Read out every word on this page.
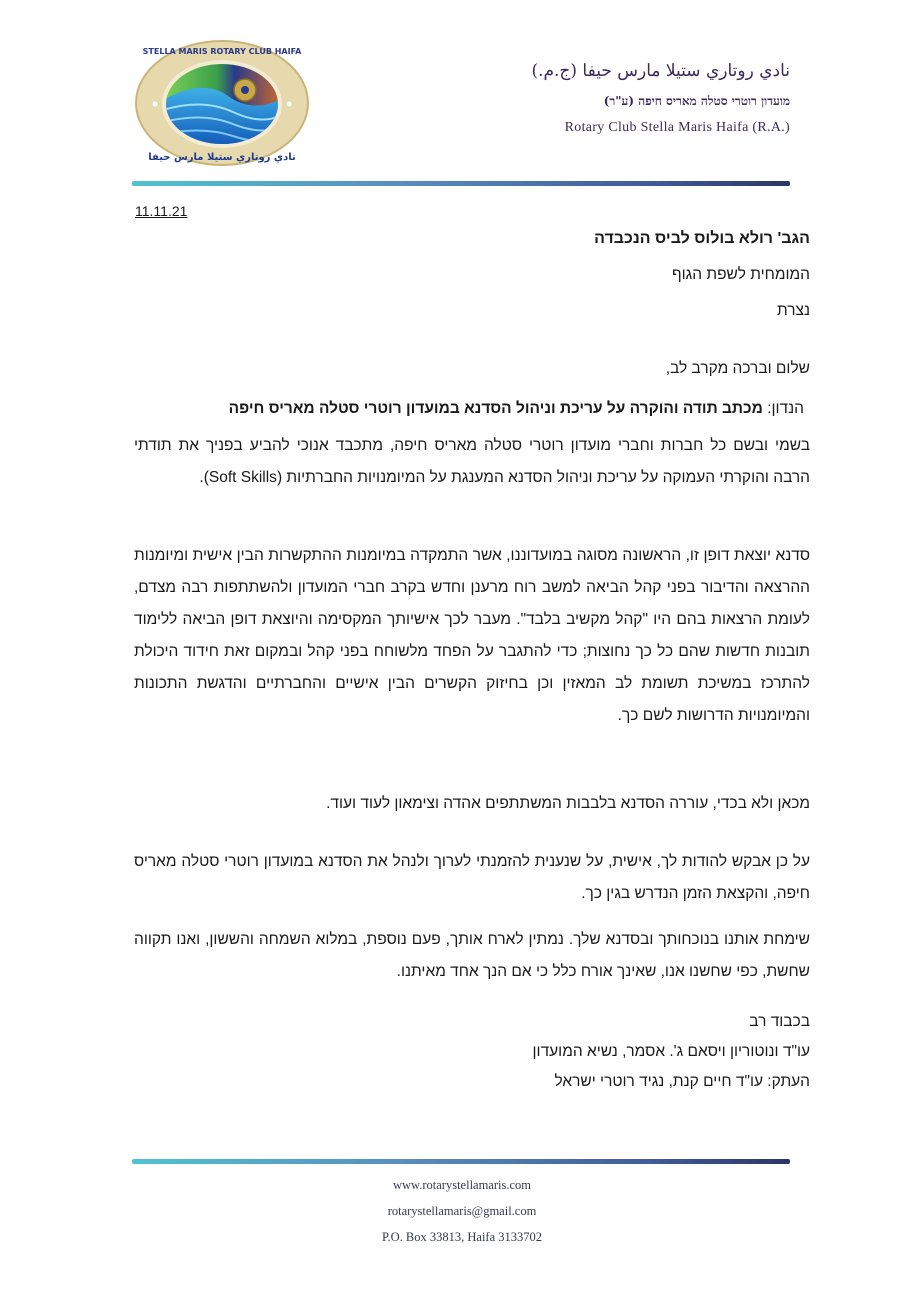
STELLA MARIS ROTARY CLUB HAIFA
نادي روتاري ستيلا مارس حيفا
نادي روتاري ستيلا مارس حيفا (ج.م.)
מועדון רוטרי סטלה מאריס חיפה (ע"ר)
Rotary Club Stella Maris Haifa (R.A.)
11.11.21
הגב' רולא בולוס לביס הנכבדה
המומחית לשפת הגוף
נצרת
שלום וברכה מקרב לב,
הנדון: מכתב תודה והוקרה על עריכת וניהול הסדנא במועדון רוטרי סטלה מאריס חיפה
בשמי ובשם כל חברות וחברי מועדון רוטרי סטלה מאריס חיפה, מתכבד אנוכי להביע בפניך את תודתי הרבה והוקרתי העמוקה על עריכת וניהול הסדנא המענגת על המיומנויות החברתיות (Soft Skills).
סדנא יוצאת דופן זו, הראשונה מסוגה במועדוננו, אשר התמקדה במיומנות ההתקשרות הבין אישית ומיומנות ההרצאה והדיבור בפני קהל הביאה למשב רוח מרענן וחדש בקרב חברי המועדון ולהשתתפות רבה מצדם, לעומת הרצאות בהם היו "קהל מקשיב בלבד". מעבר לכך אישיותך המקסימה והיוצאת דופן הביאה ללימוד תובנות חדשות שהם כל כך נחוצות; כדי להתגבר על הפחד מלשוחח בפני קהל ובמקום זאת חידוד היכולת להתרכז במשיכת תשומת לב המאזין וכן בחיזוק הקשרים הבין אישיים והחברתיים והדגשת התכונות והמיומנויות הדרושות לשם כך.
מכאן ולא בכדי, עוררה הסדנא בלבבות המשתתפים אהדה וצימאון לעוד ועוד.
על כן אבקש להודות לך, אישית, על שנענית להזמנתי לערוך ולנהל את הסדנא במועדון רוטרי סטלה מאריס חיפה, והקצאת הזמן הנדרש בגין כך.
שימחת אותנו בנוכחותך ובסדנא שלך. נמתין לארח אותך, פעם נוספת, במלוא השמחה והששון, ואנו תקווה שחשת, כפי שחשנו אנו, שאינך אורח כלל כי אם הנך אחד מאיתנו.
בכבוד רב
עו"ד ונוטוריון ויסאם ג'. אסמר, נשיא המועדון
העתק: עו"ד חיים קנת, נגיד רוטרי ישראל
www.rotarystellamaris.com
rotarystellamaris@gmail.com
P.O. Box 33813, Haifa 3133702
